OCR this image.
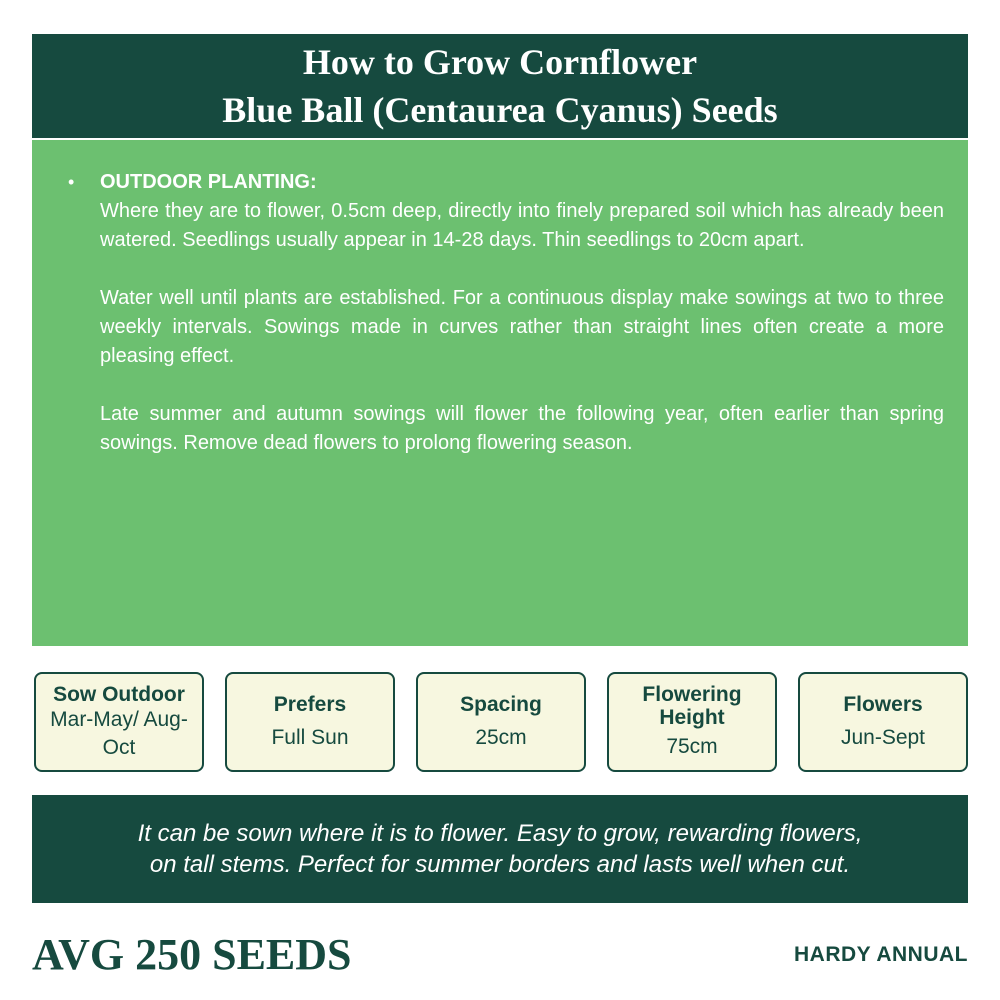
How to Grow Cornflower
Blue Ball (Centaurea Cyanus) Seeds
•	OUTDOOR PLANTING:

Where they are to flower, 0.5cm deep, directly into finely prepared soil which has already been watered. Seedlings usually appear in 14-28 days. Thin seedlings to 20cm apart.

Water well until plants are established. For a continuous display make sowings at two to three weekly intervals. Sowings made in curves rather than straight lines often create a more pleasing effect.

Late summer and autumn sowings will flower the following year, often earlier than spring sowings. Remove dead flowers to prolong flowering season.

Sow Outdoor
Mar-May/ Aug-Oct
Prefers
Full Sun
Spacing
25cm
Flowering Height
75cm
Flowers
Jun-Sept
It can be sown where it is to flower. Easy to grow, rewarding flowers,
on tall stems. Perfect for summer borders and lasts well when cut.
AVG 250 SEEDS	HARDY ANNUAL
